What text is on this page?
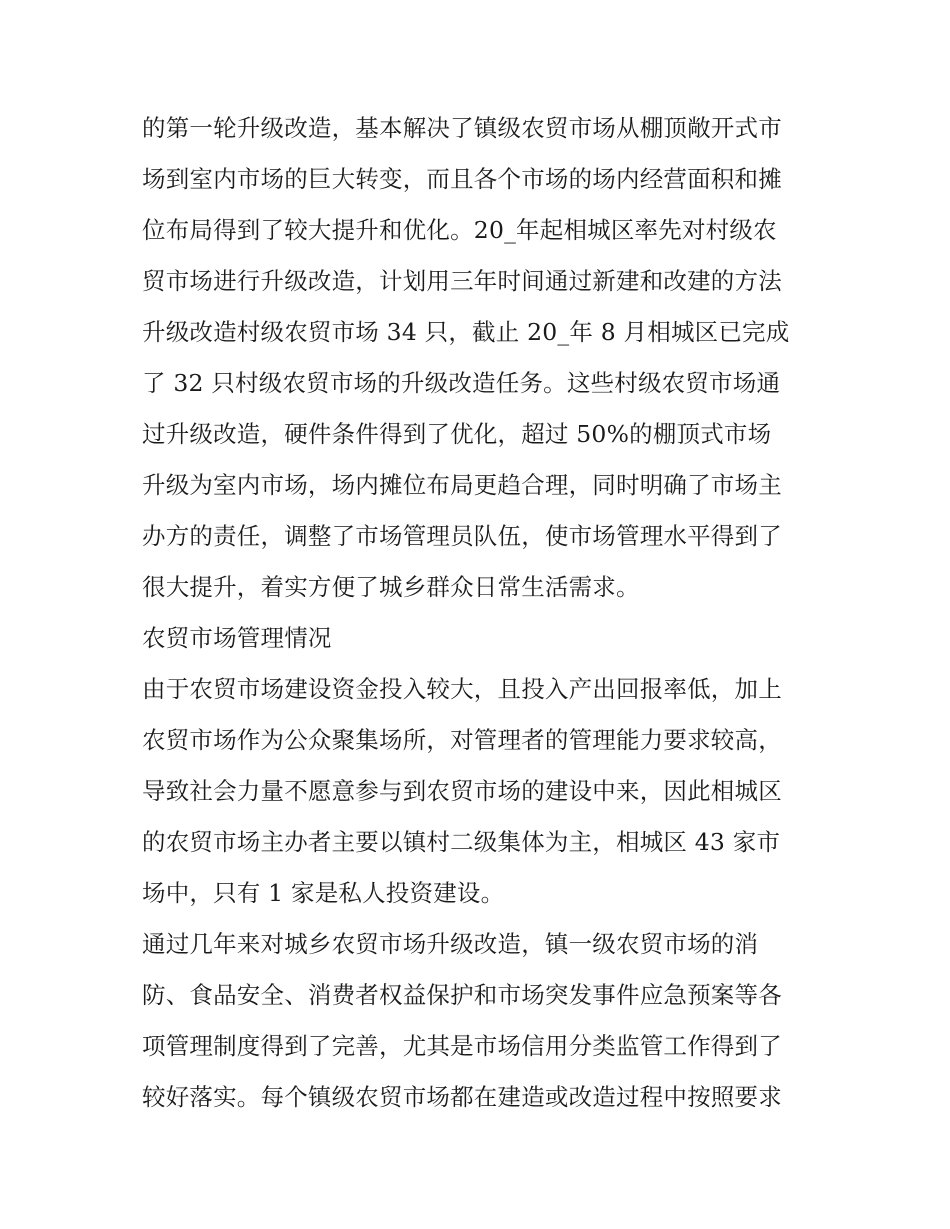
的第一轮升级改造，基本解决了镇级农贸市场从棚顶敞开式市
场到室内市场的巨大转变，而且各个市场的场内经营面积和摊
位布局得到了较大提升和优化。20_年起相城区率先对村级农
贸市场进行升级改造，计划用三年时间通过新建和改建的方法
升级改造村级农贸市场 34 只，截止 20_年 8 月相城区已完成
了 32 只村级农贸市场的升级改造任务。这些村级农贸市场通
过升级改造，硬件条件得到了优化，超过 50%的棚顶式市场
升级为室内市场，场内摊位布局更趋合理，同时明确了市场主
办方的责任，调整了市场管理员队伍，使市场管理水平得到了
很大提升，着实方便了城乡群众日常生活需求。
农贸市场管理情况
由于农贸市场建设资金投入较大，且投入产出回报率低，加上
农贸市场作为公众聚集场所，对管理者的管理能力要求较高，
导致社会力量不愿意参与到农贸市场的建设中来，因此相城区
的农贸市场主办者主要以镇村二级集体为主，相城区 43 家市
场中，只有 1 家是私人投资建设。
通过几年来对城乡农贸市场升级改造，镇一级农贸市场的消
防、食品安全、消费者权益保护和市场突发事件应急预案等各
项管理制度得到了完善，尤其是市场信用分类监管工作得到了
较好落实。每个镇级农贸市场都在建造或改造过程中按照要求
